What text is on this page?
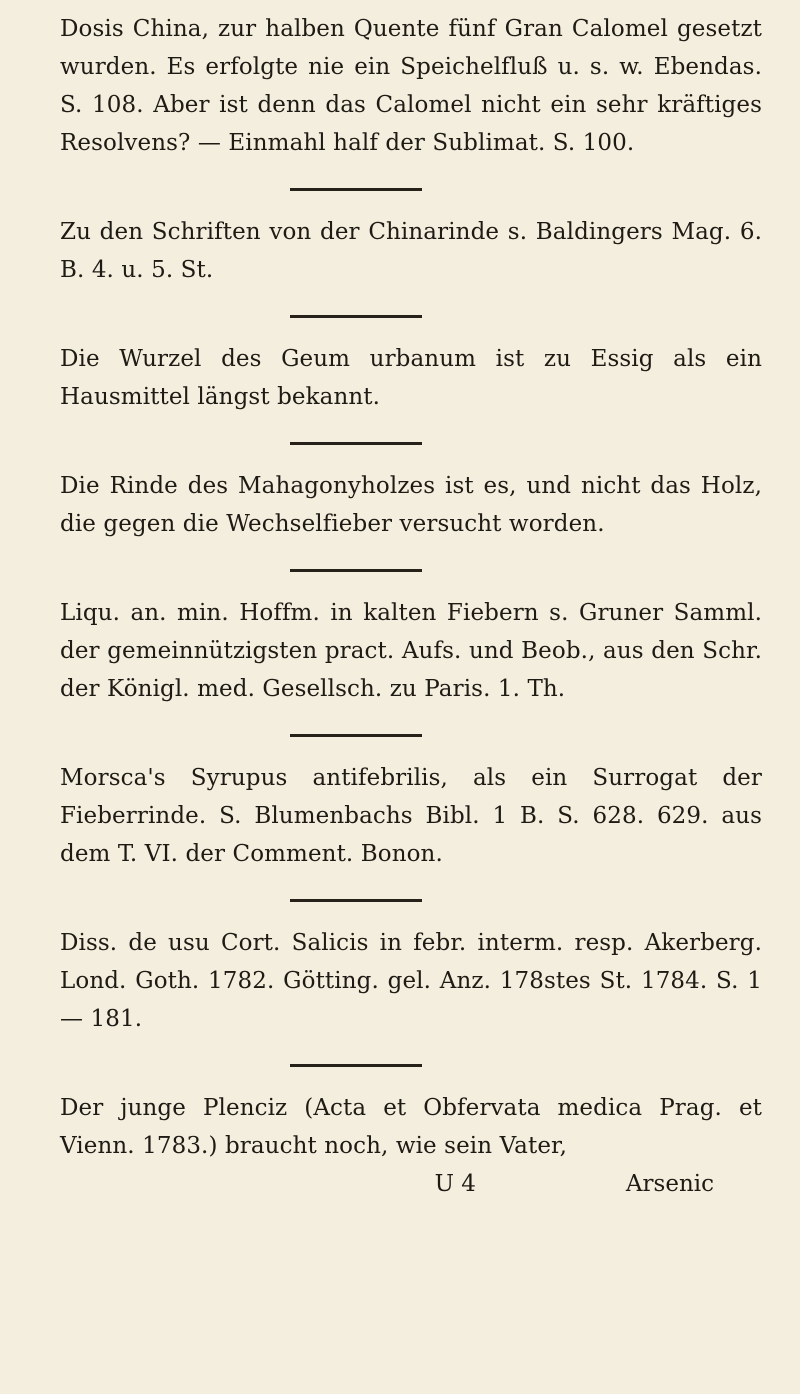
Dosis China, zur halben Quente fünf Gran Calomel gesetzt wurden. Es erfolgte nie ein Speichelfluß u. s. w. Ebendas. S. 108. Aber ist denn das Calomel nicht ein sehr kräftiges Resolvens? — Einmahl half der Sublimat. S. 100.

Zu den Schriften von der Chinarinde s. Baldingers Mag. 6. B. 4. u. 5. St.

Die Wurzel des Geum urbanum ist zu Essig als ein Hausmittel längst bekannt.

Die Rinde des Mahagonyholzes ist es, und nicht das Holz, die gegen die Wechselfieber versucht worden.

Liqu. an. min. Hoffm. in kalten Fiebern s. Gruner Samml. der gemeinnützigsten pract. Aufs. und Beob., aus den Schr. der Königl. med. Gesellsch. zu Paris. 1. Th.

Morsca's Syrupus antifebrilis, als ein Surrogat der Fieberrinde. S. Blumenbachs Bibl. 1 B. S. 628. 629. aus dem T. VI. der Comment. Bonon.

Diss. de usu Cort. Salicis in febr. interm. resp. Akerberg. Lond. Goth. 1782. Götting. gel. Anz. 178stes St. 1784. S. 1 — 181.

Der junge Plenciz (Acta et Obfervata medica Prag. et Vienn. 1783.) braucht noch, wie sein Vater,

U 4	Arsenic
